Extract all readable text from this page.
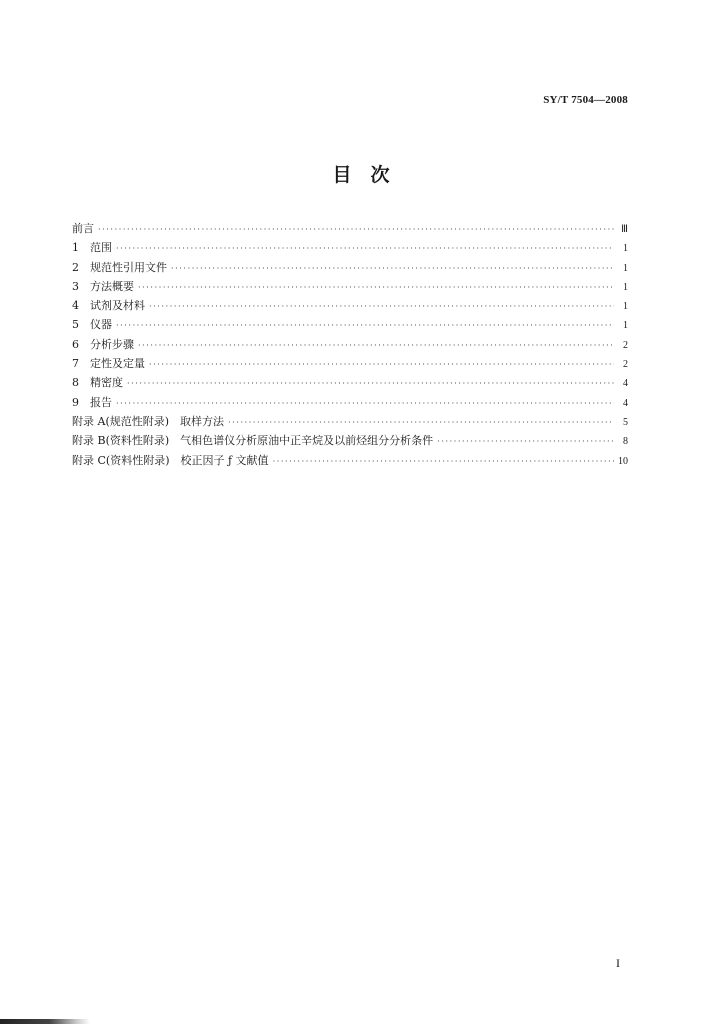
SY/T 7504—2008
目　次
前言 ·····	Ⅲ
1　范围 ·····	1
2　规范性引用文件 ·····	1
3　方法概要 ·····	1
4　试剂及材料 ·····	1
5　仪器 ·····	1
6　分析步骤 ·····	2
7　定性及定量 ·····	2
8　精密度 ·····	4
9　报告 ·····	4
附录 A(规范性附录)　取样方法 ·····	5
附录 B(资料性附录)　气相色谱仪分析原油中正辛烷及以前烃组分分析条件 ·····	8
附录 C(资料性附录)　校正因子 ƒ 文献值 ·····	10
I
